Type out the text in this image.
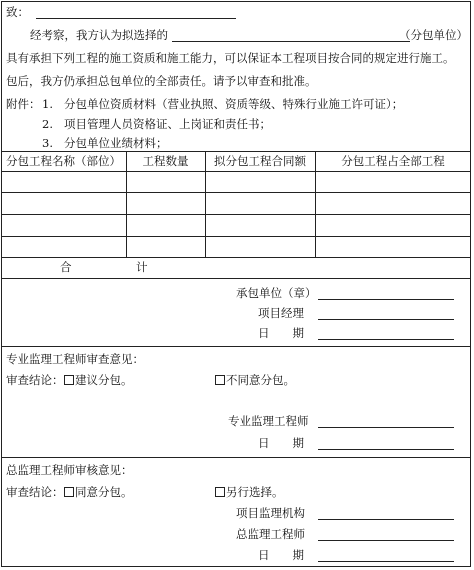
致：
经考察，我方认为拟选择的	（分包单位）
具有承担下列工程的施工资质和施工能力，可以保证本工程项目按合同的规定进行施工。
包后，我方仍承担总包单位的全部责任。请予以审查和批准。
附件： 1. 分包单位资质材料（营业执照、资质等级、特殊行业施工许可证）；
2. 项目管理人员资格证、上岗证和责任书；
3. 分包单位业绩材料；
分包工程名称（部位）	工程数量	拟分包工程合同额	分包工程占全部工程
合	计
承包单位（章）
项目经理
日　　期
专业监理工程师审查意见：
审查结论：	建议分包。	不同意分包。
专业监理工程师
日　　期
总监理工程师审核意见：
审查结论：	同意分包。	另行选择。
项目监理机构
总监理工程师
日　　期
